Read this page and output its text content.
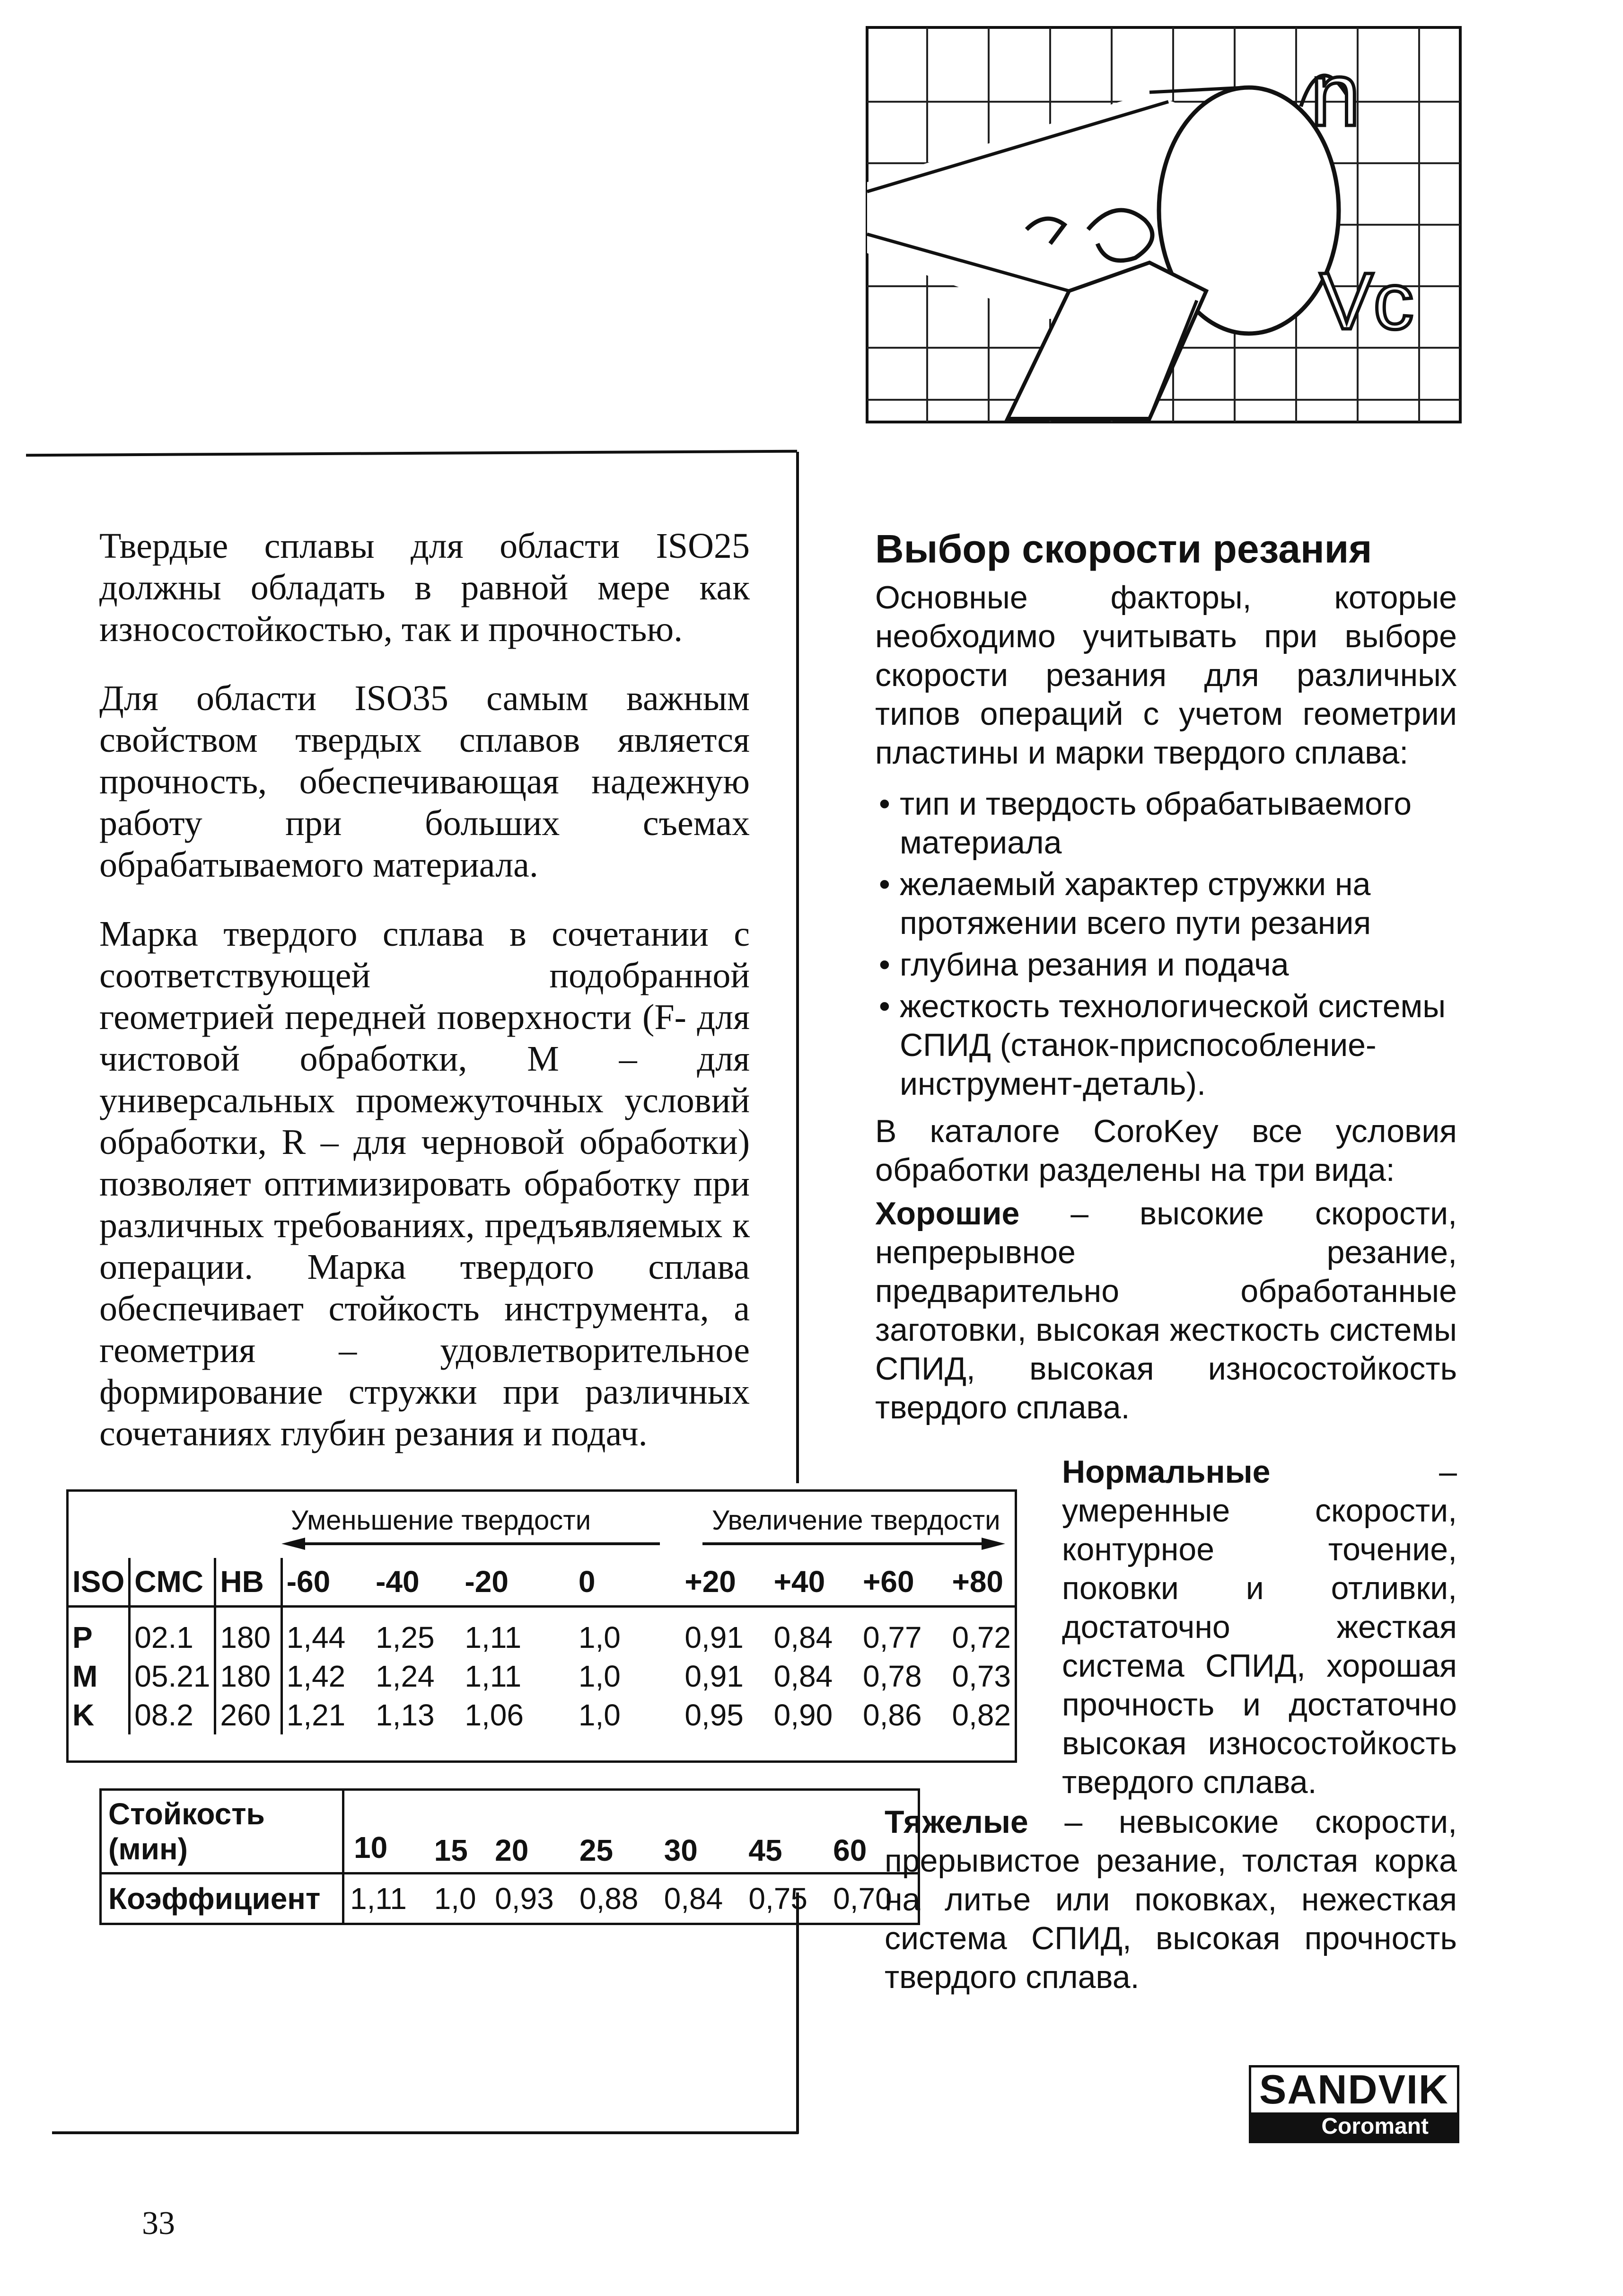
n
Vc

Твердые сплавы для области ISO25 должны обладать в равной мере как износостойкостью, так и прочностью.

Для области ISO35 самым важным свойством твердых сплавов является прочность, обеспечивающая надежную работу при больших съемах обрабатываемого материала.

Марка твердого сплава в сочетании с соответствующей подобранной геометрией передней поверхности (F- для чистовой обработки, M – для универсальных промежуточных условий обработки, R – для черновой обработки) позволяет оптимизировать обработку при различных требованиях, предъявляемых к операции. Марка твердого сплава обеспечивает стойкость инструмента, а геометрия – удовлетворительное формирование стружки при различных сочетаниях глубин резания и подач.

Выбор скорости резания

Основные факторы, которые необходимо учитывать при выборе скорости резания для различных типов операций с учетом геометрии пластины и марки твердого сплава:

• тип и твердость обрабатываемого материала
• желаемый характер стружки на протяжении всего пути резания
• глубина резания и подача
• жесткость технологической системы СПИД (станок-приспособление-инструмент-деталь).

В каталоге CoroKey все условия обработки разделены на три вида:

Хорошие – высокие скорости, непрерывное резание, предварительно обработанные заготовки, высокая жесткость системы СПИД, высокая износостойкость твердого сплава.

Нормальные – умеренные скорости, контурное точение, поковки и отливки, достаточно жесткая система СПИД, хорошая прочность и достаточно высокая износостойкость твердого сплава.
Тяжелые – невысокие скорости, прерывистое резание, толстая корка на литье или поковках, нежесткая система СПИД, высокая прочность твердого сплава.
Уменьшение твердости	Увеличение твердости
ISO	CMC	HB	-60	-40	-20	0	+20	+40	+60	+80
P	02.1	180	1,44	1,25	1,11	1,0	0,91	0,84	0,77	0,72
M	05.21	180	1,42	1,24	1,11	1,0	0,91	0,84	0,78	0,73
K	08.2	260	1,21	1,13	1,06	1,0	0,95	0,90	0,86	0,82
Стойкость
(мин)	10	15	20	25	30	45	60
Коэффициент	1,11	1,0	0,93	0,88	0,84	0,75	0,70
SANDVIK
Coromant
33
